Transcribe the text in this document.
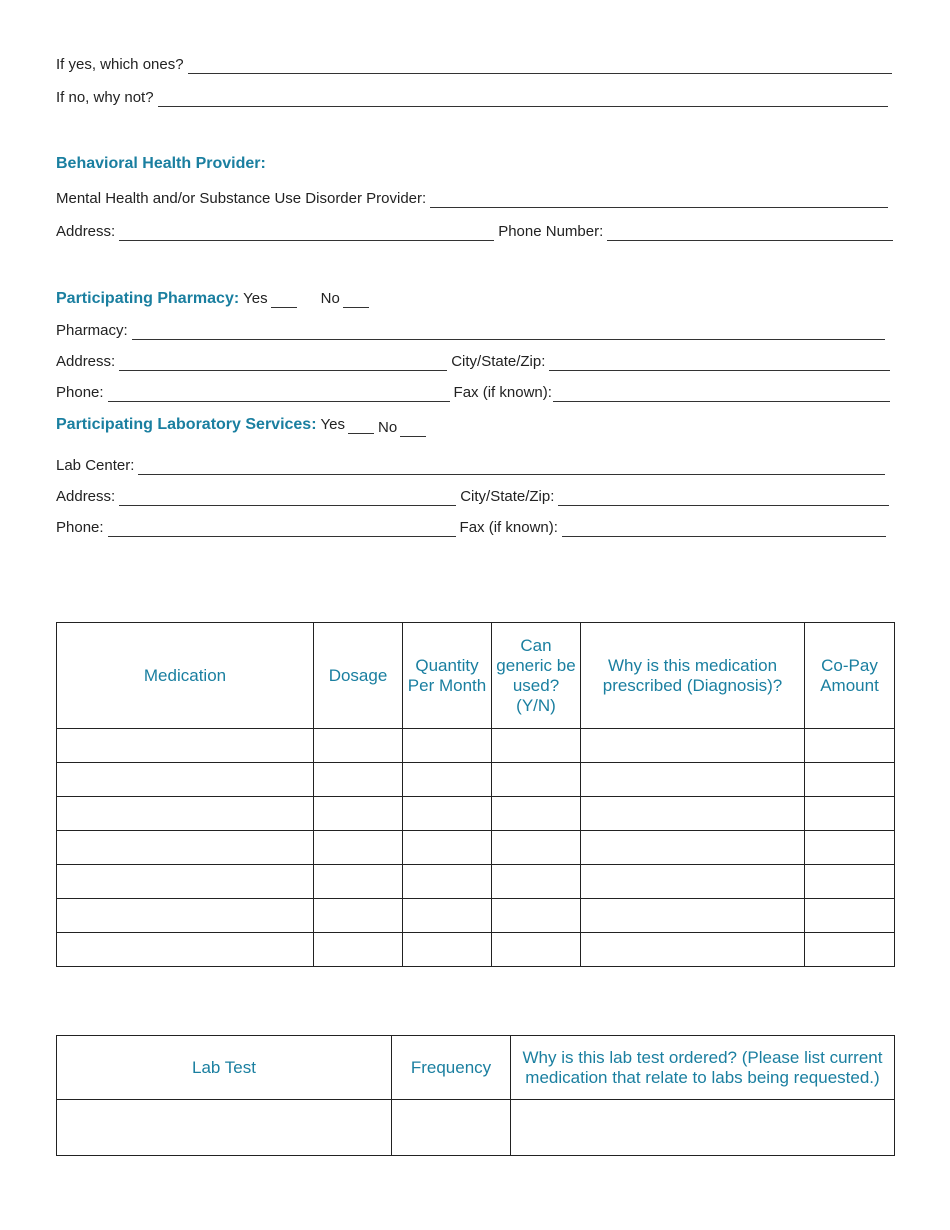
If yes, which ones?
If no, why not?
Behavioral Health Provider:
Mental Health and/or Substance Use Disorder Provider:
Address:	Phone Number:
Participating Pharmacy: Yes	No
Pharmacy:
Address:	City/State/Zip:
Phone:	Fax (if known):
Participating Laboratory Services: Yes No
Lab Center:
Address:	City/State/Zip:
Phone:	Fax (if known):
Medication	Dosage	Quantity Per Month	Can generic be used? (Y/N)	Why is this medication prescribed (Diagnosis)?	Co-Pay Amount

Lab Test	Frequency	Why is this lab test ordered? (Please list current medication that relate to labs being requested.)
